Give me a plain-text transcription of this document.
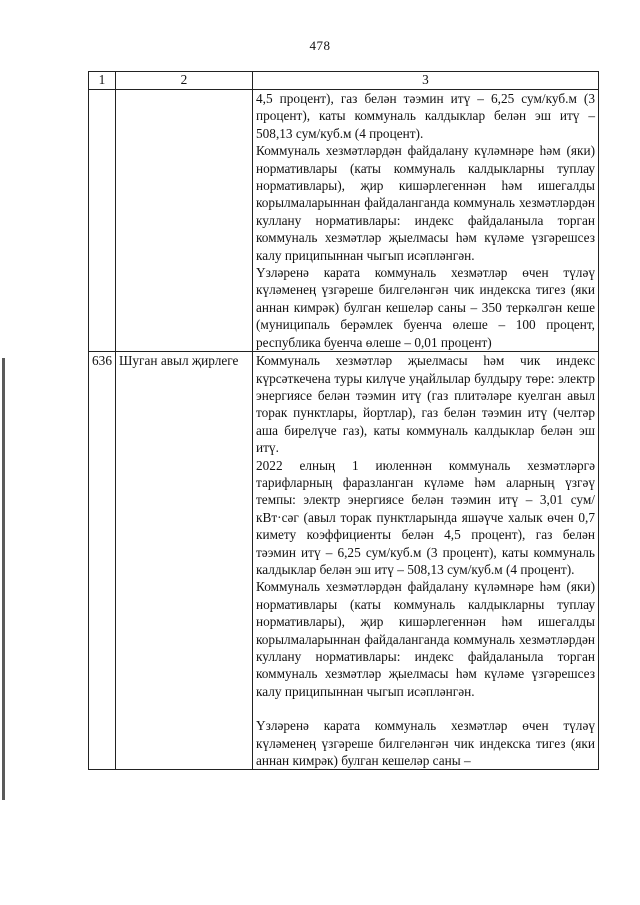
478
1	2	3

		4,5 процент), газ белән тәэмин итү – 6,25 сум/куб.м (3 процент), каты коммуналь калдыклар белән эш итү – 508,13 сум/куб.м (4 процент).

Коммуналь хезмәтләрдән файдалану күләмнәре һәм (яки) нормативлары (каты коммуналь калдыкларны туплау нормативлары), җир кишәрлегеннән һәм ишегалды корылмаларыннан файдаланганда коммуналь хезмәтләрдән куллану нормативлары: индекс файдаланыла торган коммуналь хезмәтләр җыелмасы һәм күләме үзгәрешсез калу приципыннан чыгып исәпләнгән.

Үзләренә карата коммуналь хезмәтләр өчен түләү күләменең үзгәреше билгеләнгән чик индекска тигез (яки аннан кимрәк) булган кешеләр саны – 350 теркәлгән кеше (муниципаль берәмлек буенча өлеше – 100 процент, республика буенча өлеше – 0,01 процент)

636	Шуган авыл җирлеге	Коммуналь хезмәтләр җыелмасы һәм чик индекс күрсәткечена туры килүче уңайлылар булдыру төре: электр энергиясе белән тәэмин итү (газ плитәләре куелган авыл торак пунктлары, йортлар), газ белән тәэмин итү (челтәр аша бирелүче газ), каты коммуналь калдыклар белән эш итү.

2022 елның 1 июленнән коммуналь хезмәтләргә тарифларның фаразланган күләме һәм аларның үзгәү темпы: электр энергиясе белән тәэмин итү – 3,01 сум/кВт·сәг (авыл торак пунктларында яшәүче халык өчен 0,7 кимету коэффициенты белән 4,5 процент), газ белән тәэмин итү – 6,25 сум/куб.м (3 процент), каты коммуналь калдыклар белән эш итү – 508,13 сум/куб.м (4 процент).

Коммуналь хезмәтләрдән файдалану күләмнәре һәм (яки) нормативлары (каты коммуналь калдыкларны туплау нормативлары), җир кишәрлегеннән һәм ишегалды корылмаларыннан файдаланганда коммуналь хезмәтләрдән куллану нормативлары: индекс файдаланыла торган коммуналь хезмәтләр җыелмасы һәм күләме үзгәрешсез калу приципыннан чыгып исәпләнгән.

Үзләренә карата коммуналь хезмәтләр өчен түләү күләменең үзгәреше билгеләнгән чик индекска тигез (яки аннан кимрәк) булган кешеләр саны –
